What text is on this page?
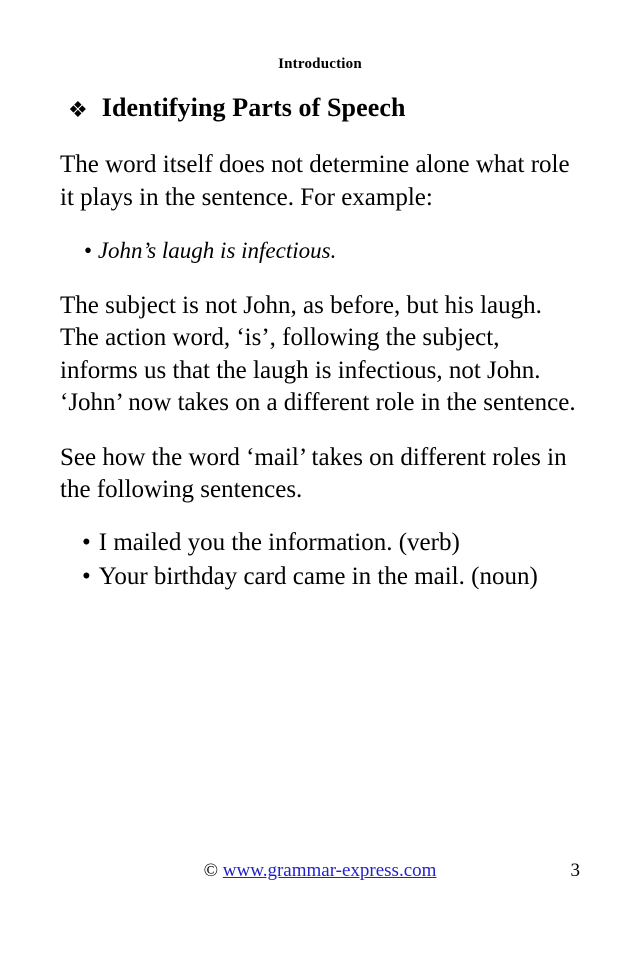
Introduction
❖ Identifying Parts of Speech

The word itself does not determine alone what role it plays in the sentence. For example:

• John’s laugh is infectious.

The subject is not John, as before, but his laugh. The action word, ‘is’, following the subject, informs us that the laugh is infectious, not John. ‘John’ now takes on a different role in the sentence.

See how the word ‘mail’ takes on different roles in the following sentences.

• I mailed you the information. (verb)
• Your birthday card came in the mail. (noun)
© www.grammar-express.com	3
